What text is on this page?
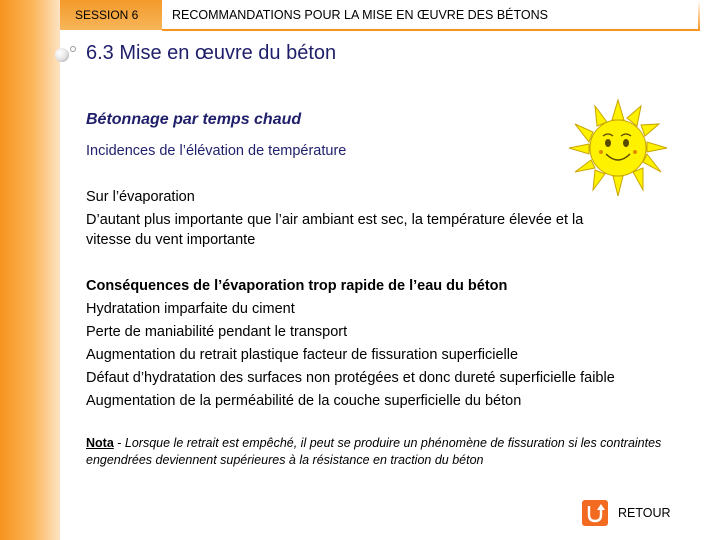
SESSION 6	RECOMMANDATIONS POUR LA MISE EN ŒUVRE DES BÉTONS
6.3 Mise en œuvre du béton
Bétonnage par temps chaud
Incidences de l’élévation de température
Sur l’évaporation
D’autant plus importante que l’air ambiant est sec, la température élevée et la
vitesse du vent importante
Conséquences de l’évaporation trop rapide de l’eau du béton
Hydratation imparfaite du ciment
Perte de maniabilité pendant le transport
Augmentation du retrait plastique facteur de fissuration superficielle
Défaut d’hydratation des surfaces non protégées et donc dureté superficielle faible
Augmentation de la perméabilité de la couche superficielle du béton
Nota - Lorsque le retrait est empêché, il peut se produire un phénomène de fissuration si les contraintes engendrées deviennent supérieures à la résistance en traction du béton
RETOUR
